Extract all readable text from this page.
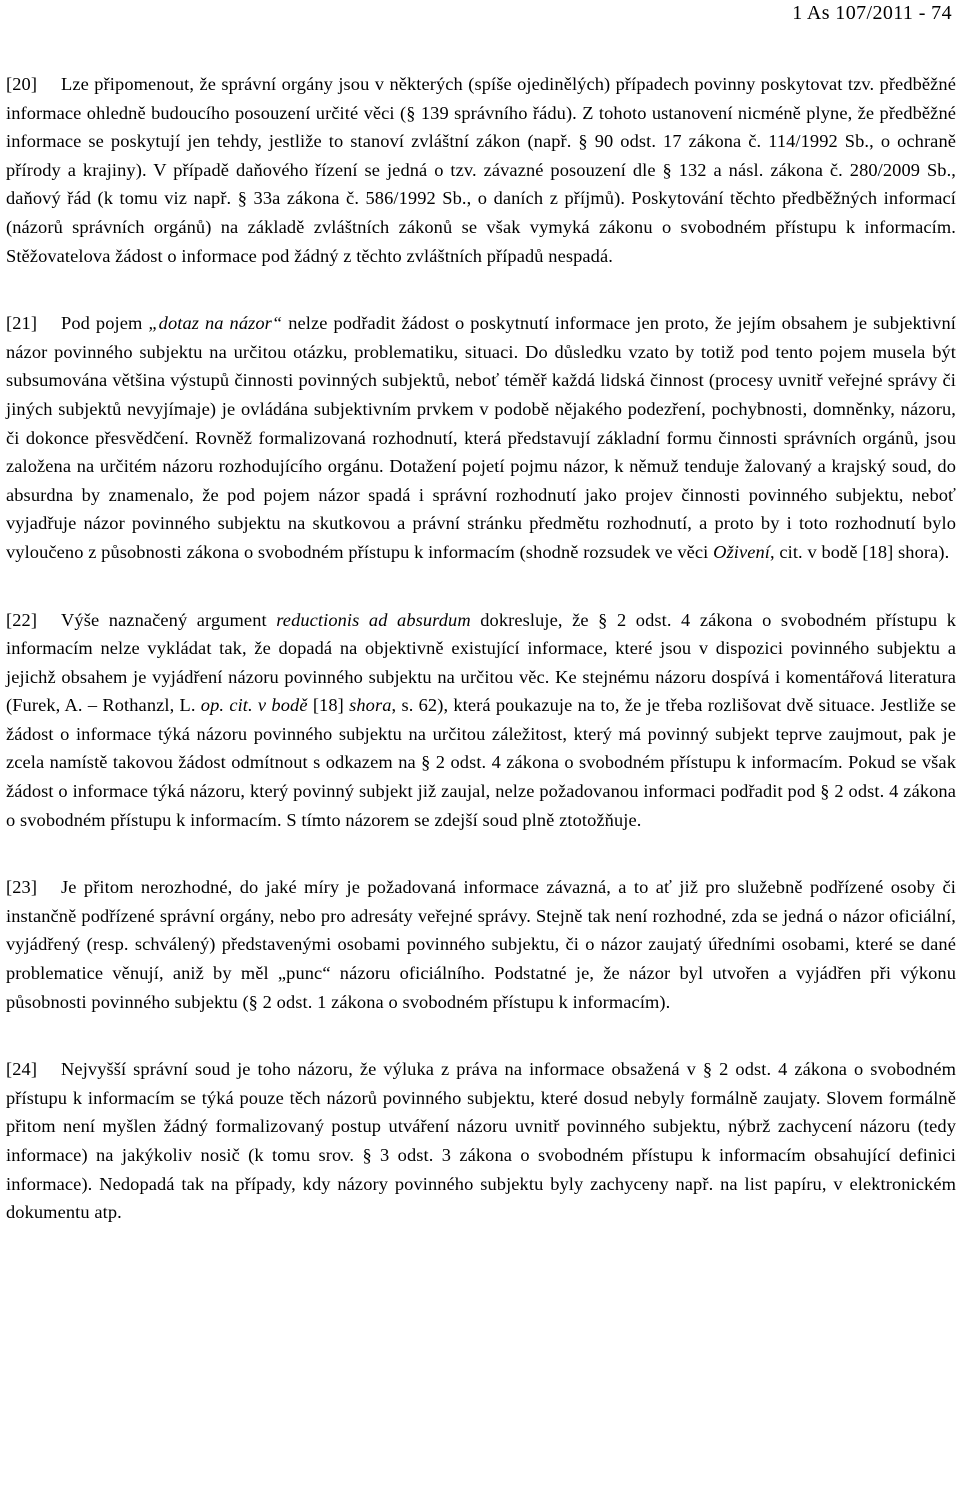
1 As 107/2011 - 74

[20] Lze připomenout, že správní orgány jsou v některých (spíše ojedinělých) případech povinny poskytovat tzv. předběžné informace ohledně budoucího posouzení určité věci (§ 139 správního řádu). Z tohoto ustanovení nicméně plyne, že předběžné informace se poskytují jen tehdy, jestliže to stanoví zvláštní zákon (např. § 90 odst. 17 zákona č. 114/1992 Sb., o ochraně přírody a krajiny). V případě daňového řízení se jedná o tzv. závazné posouzení dle § 132 a násl. zákona č. 280/2009 Sb., daňový řád (k tomu viz např. § 33a zákona č. 586/1992 Sb., o daních z příjmů). Poskytování těchto předběžných informací (názorů správních orgánů) na základě zvláštních zákonů se však vymyká zákonu o svobodném přístupu k informacím. Stěžovatelova žádost o informace pod žádný z těchto zvláštních případů nespadá.

[21] Pod pojem „dotaz na názor“ nelze podřadit žádost o poskytnutí informace jen proto, že jejím obsahem je subjektivní názor povinného subjektu na určitou otázku, problematiku, situaci. Do důsledku vzato by totiž pod tento pojem musela být subsumována většina výstupů činnosti povinných subjektů, neboť téměř každá lidská činnost (procesy uvnitř veřejné správy či jiných subjektů nevyjímaje) je ovládána subjektivním prvkem v podobě nějakého podezření, pochybnosti, domněnky, názoru, či dokonce přesvědčení. Rovněž formalizovaná rozhodnutí, která představují základní formu činnosti správních orgánů, jsou založena na určitém názoru rozhodujícího orgánu. Dotažení pojetí pojmu názor, k němuž tenduje žalovaný a krajský soud, do absurdna by znamenalo, že pod pojem názor spadá i správní rozhodnutí jako projev činnosti povinného subjektu, neboť vyjadřuje názor povinného subjektu na skutkovou a právní stránku předmětu rozhodnutí, a proto by i toto rozhodnutí bylo vyloučeno z působnosti zákona o svobodném přístupu k informacím (shodně rozsudek ve věci Oživení, cit. v bodě [18] shora).

[22] Výše naznačený argument reductionis ad absurdum dokresluje, že § 2 odst. 4 zákona o svobodném přístupu k informacím nelze vykládat tak, že dopadá na objektivně existující informace, které jsou v dispozici povinného subjektu a jejichž obsahem je vyjádření názoru povinného subjektu na určitou věc. Ke stejnému názoru dospívá i komentářová literatura (Furek, A. – Rothanzl, L. op. cit. v bodě [18] shora, s. 62), která poukazuje na to, že je třeba rozlišovat dvě situace. Jestliže se žádost o informace týká názoru povinného subjektu na určitou záležitost, který má povinný subjekt teprve zaujmout, pak je zcela namístě takovou žádost odmítnout s odkazem na § 2 odst. 4 zákona o svobodném přístupu k informacím. Pokud se však žádost o informace týká názoru, který povinný subjekt již zaujal, nelze požadovanou informaci podřadit pod § 2 odst. 4 zákona o svobodném přístupu k informacím. S tímto názorem se zdejší soud plně ztotožňuje.

[23] Je přitom nerozhodné, do jaké míry je požadovaná informace závazná, a to ať již pro služebně podřízené osoby či instančně podřízené správní orgány, nebo pro adresáty veřejné správy. Stejně tak není rozhodné, zda se jedná o názor oficiální, vyjádřený (resp. schválený) představenými osobami povinného subjektu, či o názor zaujatý úředními osobami, které se dané problematice věnují, aniž by měl „punc“ názoru oficiálního. Podstatné je, že názor byl utvořen a vyjádřen při výkonu působnosti povinného subjektu (§ 2 odst. 1 zákona o svobodném přístupu k informacím).

[24] Nejvyšší správní soud je toho názoru, že výluka z práva na informace obsažená v § 2 odst. 4 zákona o svobodném přístupu k informacím se týká pouze těch názorů povinného subjektu, které dosud nebyly formálně zaujaty. Slovem formálně přitom není myšlen žádný formalizovaný postup utváření názoru uvnitř povinného subjektu, nýbrž zachycení názoru (tedy informace) na jakýkoliv nosič (k tomu srov. § 3 odst. 3 zákona o svobodném přístupu k informacím obsahující definici informace). Nedopadá tak na případy, kdy názory povinného subjektu byly zachyceny např. na list papíru, v elektronickém dokumentu atp.
